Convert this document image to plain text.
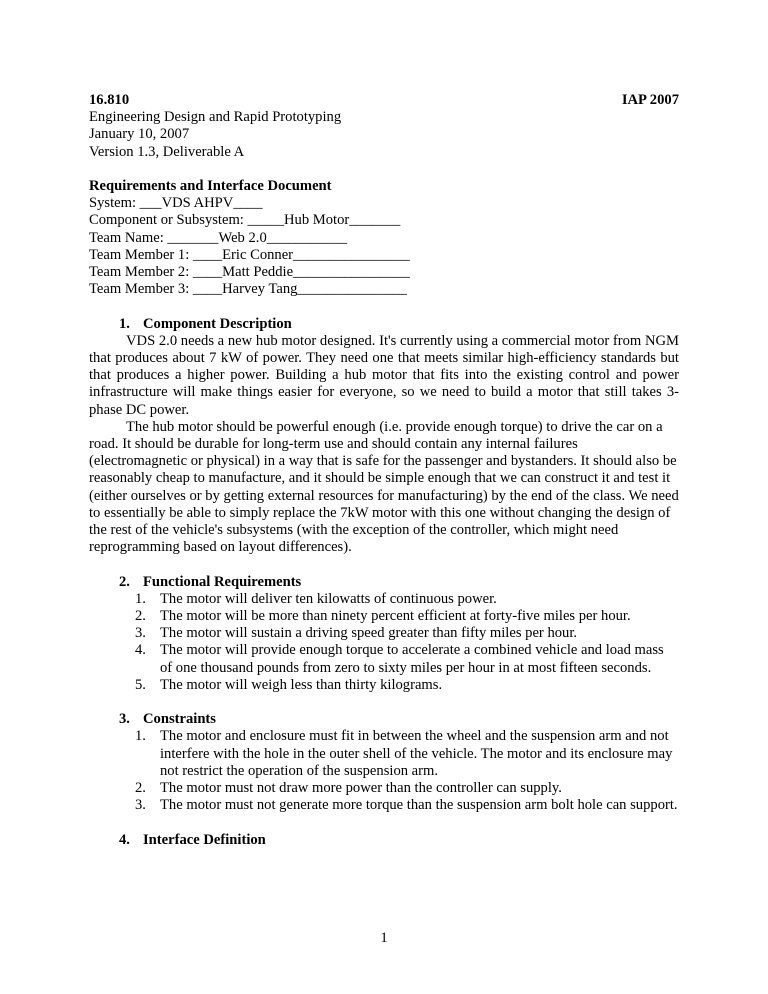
16.810	IAP 2007
Engineering Design and Rapid Prototyping
January 10, 2007
Version 1.3, Deliverable A
Requirements and Interface Document
System: ___VDS AHPV____
Component or Subsystem: _____Hub Motor_______
Team Name: _______Web 2.0___________
Team Member 1: ____Eric Conner________________
Team Member 2: ____Matt Peddie________________
Team Member 3: ____Harvey Tang_______________
1. Component Description

VDS 2.0 needs a new hub motor designed. It's currently using a commercial motor from NGM that produces about 7 kW of power. They need one that meets similar high-efficiency standards but that produces a higher power. Building a hub motor that fits into the existing control and power infrastructure will make things easier for everyone, so we need to build a motor that still takes 3-phase DC power.

The hub motor should be powerful enough (i.e. provide enough torque) to drive the car on a road. It should be durable for long-term use and should contain any internal failures (electromagnetic or physical) in a way that is safe for the passenger and bystanders. It should also be reasonably cheap to manufacture, and it should be simple enough that we can construct it and test it (either ourselves or by getting external resources for manufacturing) by the end of the class. We need to essentially be able to simply replace the 7kW motor with this one without changing the design of the rest of the vehicle's subsystems (with the exception of the controller, which might need reprogramming based on layout differences).

2. Functional Requirements
1. The motor will deliver ten kilowatts of continuous power.
2. The motor will be more than ninety percent efficient at forty-five miles per hour.
3. The motor will sustain a driving speed greater than fifty miles per hour.
4. The motor will provide enough torque to accelerate a combined vehicle and load mass of one thousand pounds from zero to sixty miles per hour in at most fifteen seconds.
5. The motor will weigh less than thirty kilograms.
3. Constraints
1. The motor and enclosure must fit in between the wheel and the suspension arm and not interfere with the hole in the outer shell of the vehicle. The motor and its enclosure may not restrict the operation of the suspension arm.
2. The motor must not draw more power than the controller can supply.
3. The motor must not generate more torque than the suspension arm bolt hole can support.
4. Interface Definition
1
